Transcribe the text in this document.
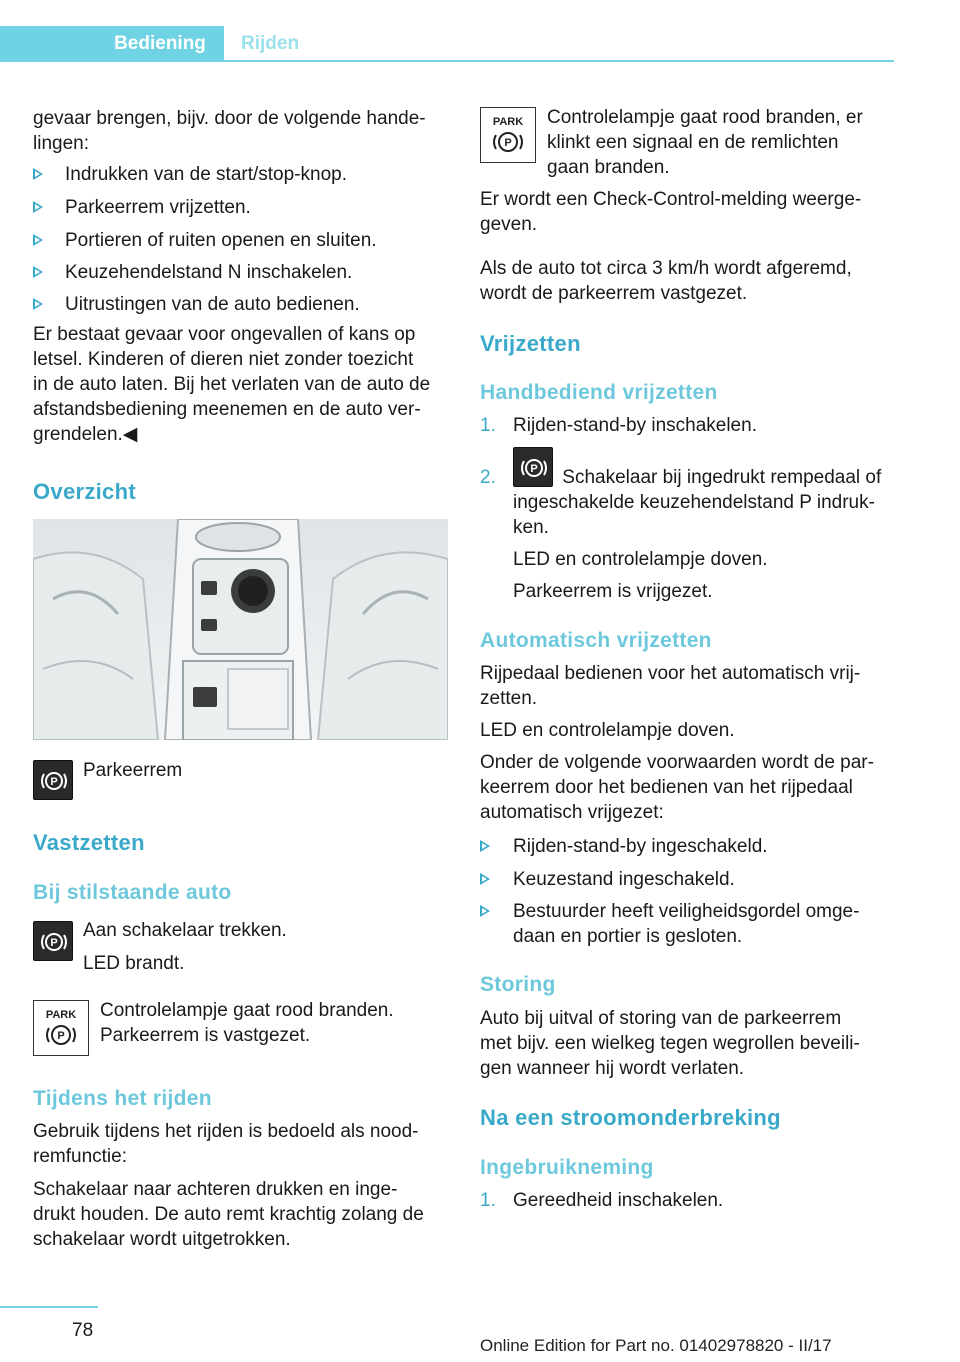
Bediening	Rijden
gevaar brengen, bijv. door de volgende hande-
lingen:
Indrukken van de start/stop-knop.
Parkeerrem vrijzetten.
Portieren of ruiten openen en sluiten.
Keuzehendelstand N inschakelen.
Uitrustingen van de auto bedienen.
Er bestaat gevaar voor ongevallen of kans op
letsel. Kinderen of dieren niet zonder toezicht
in de auto laten. Bij het verlaten van de auto de
afstandsbediening meenemen en de auto ver-
grendelen.◀
Overzicht
P
Parkeerrem
Vastzetten
Bij stilstaande auto
P
Aan schakelaar trekken.
LED brandt.
PARK
P
Controlelampje gaat rood branden.
Parkeerrem is vastgezet.
Tijdens het rijden
Gebruik tijdens het rijden is bedoeld als nood-
remfunctie:
Schakelaar naar achteren drukken en inge-
drukt houden. De auto remt krachtig zolang de
schakelaar wordt uitgetrokken.
PARK
P
Controlelampje gaat rood branden, er
klinkt een signaal en de remlichten
gaan branden.
Er wordt een Check-Control-melding weerge-
geven.
Als de auto tot circa 3 km/h wordt afgeremd,
wordt de parkeerrem vastgezet.
Vrijzetten
Handbediend vrijzetten
1. Rijden-stand-by inschakelen.
2.	P Schakelaar bij ingedrukt rempedaal of
ingeschakelde keuzehendelstand P indruk-
ken.
LED en controlelampje doven.
Parkeerrem is vrijgezet.
Automatisch vrijzetten
Rijpedaal bedienen voor het automatisch vrij-
zetten.
LED en controlelampje doven.
Onder de volgende voorwaarden wordt de par-
keerrem door het bedienen van het rijpedaal
automatisch vrijgezet:
Rijden-stand-by ingeschakeld.
Keuzestand ingeschakeld.
Bestuurder heeft veiligheidsgordel omge-
daan en portier is gesloten.
Storing
Auto bij uitval of storing van de parkeerrem
met bijv. een wielkeg tegen wegrollen beveili-
gen wanneer hij wordt verlaten.
Na een stroomonderbreking
Ingebruikneming
1. Gereedheid inschakelen.
78
Online Edition for Part no. 01402978820 - II/17
